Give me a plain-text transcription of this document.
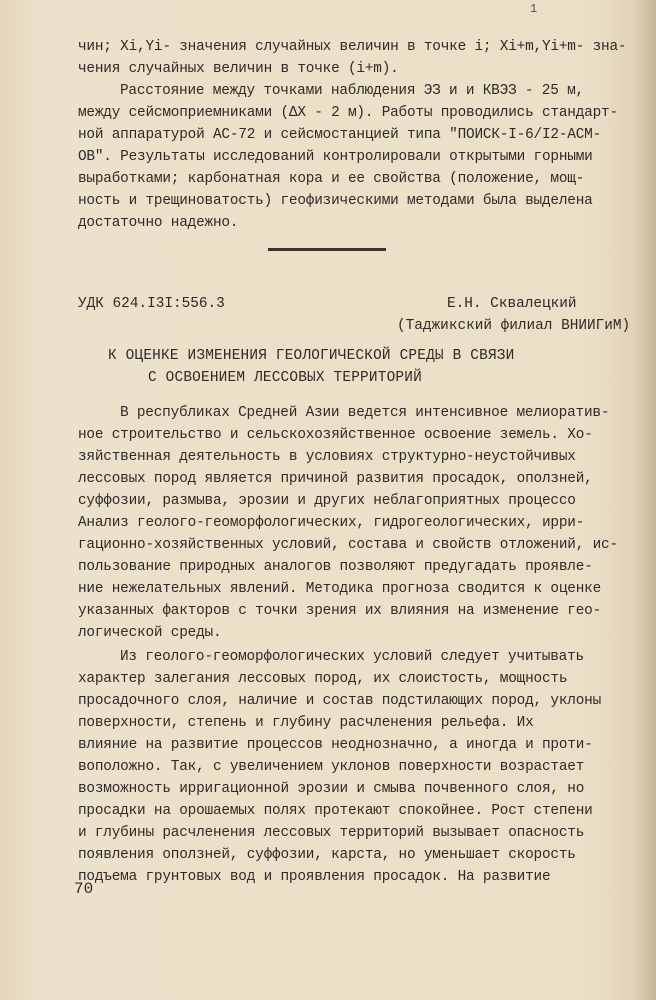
1
чин; Xi,Yi- значения случайных величин в точке i; Xi+m,Yi+m- зна-
чения случайных величин в точке (i+m).
Расстояние между точками наблюдения ЭЗ и и КВЭЗ - 25 м,
между сейсмоприемниками (ΔX - 2 м). Работы проводились стандарт-
ной аппаратурой АС-72 и сейсмостанцией типа "ПОИСК-I-6/I2-АСМ-
ОВ". Результаты исследований контролировали открытыми горными
выработками; карбонатная кора и ее свойства (положение, мощ-
ность и трещиноватость) геофизическими методами была выделена
достаточно надежно.
УДК 624.I3I:556.3	Е.Н. Сквалецкий
(Таджикский филиал ВНИИГиМ)
К ОЦЕНКЕ ИЗМЕНЕНИЯ ГЕОЛОГИЧЕСКОЙ СРЕДЫ В СВЯЗИ
С ОСВОЕНИЕМ ЛЕССОВЫХ ТЕРРИТОРИЙ
В республиках Средней Азии ведется интенсивное мелиоратив-
ное строительство и сельскохозяйственное освоение земель. Хо-
зяйственная деятельность в условиях структурно-неустойчивых
лессовых пород является причиной развития просадок, оползней,
суффозии, размыва, эрозии и других неблагоприятных процессо
Анализ геолого-геоморфологических, гидрогеологических, ирри-
гационно-хозяйственных условий, состава и свойств отложений, ис-
пользование природных аналогов позволяют предугадать проявле-
ние нежелательных явлений. Методика прогноза сводится к оценке
указанных факторов с точки зрения их влияния на изменение гео-
логической среды.
Из геолого-геоморфологических условий следует учитывать
характер залегания лессовых пород, их слоистость, мощность
просадочного слоя, наличие и состав подстилающих пород, уклоны
поверхности, степень и глубину расчленения рельефа. Их
влияние на развитие процессов неоднозначно, а иногда и проти-
воположно. Так, с увеличением уклонов поверхности возрастает
возможность ирригационной эрозии и смыва почвенного слоя, но
просадки на орошаемых полях протекают спокойнее. Рост степени
и глубины расчленения лессовых территорий вызывает опасность
появления оползней, суффозии, карста, но уменьшает скорость
подъема грунтовых вод и проявления просадок. На развитие
70
